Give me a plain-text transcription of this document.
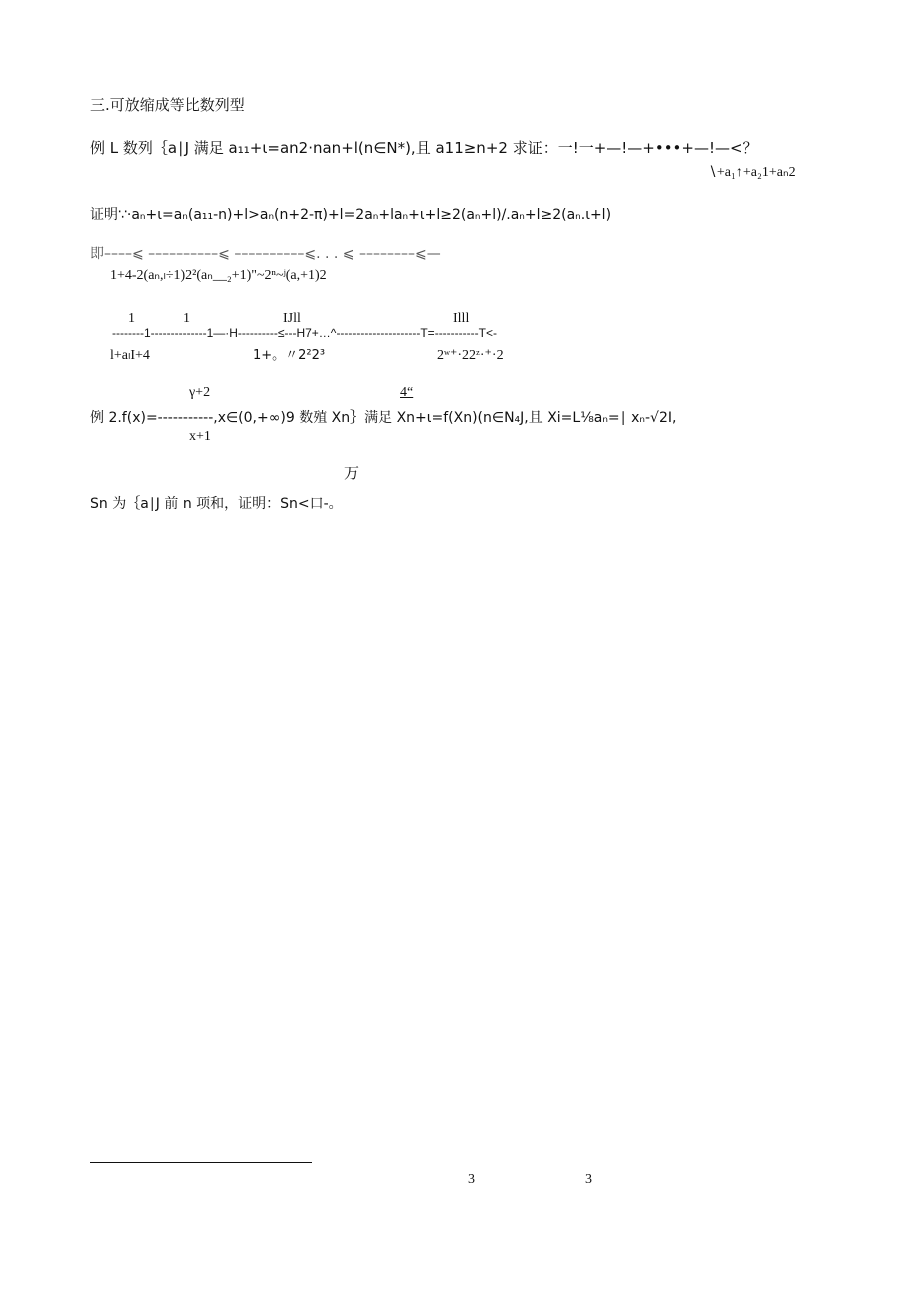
三.可放缩成等比数列型
例 L 数列｛a∣J 满足 a₁₁+ι=an2·nan+l(n∈N*),且 a11≥n+2 求证：一!一+—!—+•••+—!—<？
∖+a₁↑+a₂1+aₙ2
证明∵·aₙ+ι=aₙ(a₁₁-n)+l>aₙ(n+2-π)+l=2aₙ+laₙ+ι+l≥2(aₙ+l)/.aₙ+l≥2(aₙ.ι+l)
即––––⩽ ––––––––––⩽ ––––––––––⩽. . . ⩽ ––––––––⩽—
1+4-2(aₙ,ₗ÷1)2²(aₙ__₂+1)"~2ⁿ~ʲ(a,+1)2
1	1	IJll	Illl
--------1--------------1—·H----------≤---H7+…^---------------------T=-----------T<-
l+aₗI+4	1+。〃2²2³	2ʷ⁺·22ᶻ·⁺·2
γ+2	4“
例 2.f(x)=-----------,x∈(0,+∞)9 数殖 Xn｝满足 Xn+ι=f(Xn)(n∈N₄J,且 Xi=L⅛aₙ=∣ xₙ-√2I,
x+1
万
Sn 为｛a∣J 前 n 项和，证明：Sn<口-。
3	3
